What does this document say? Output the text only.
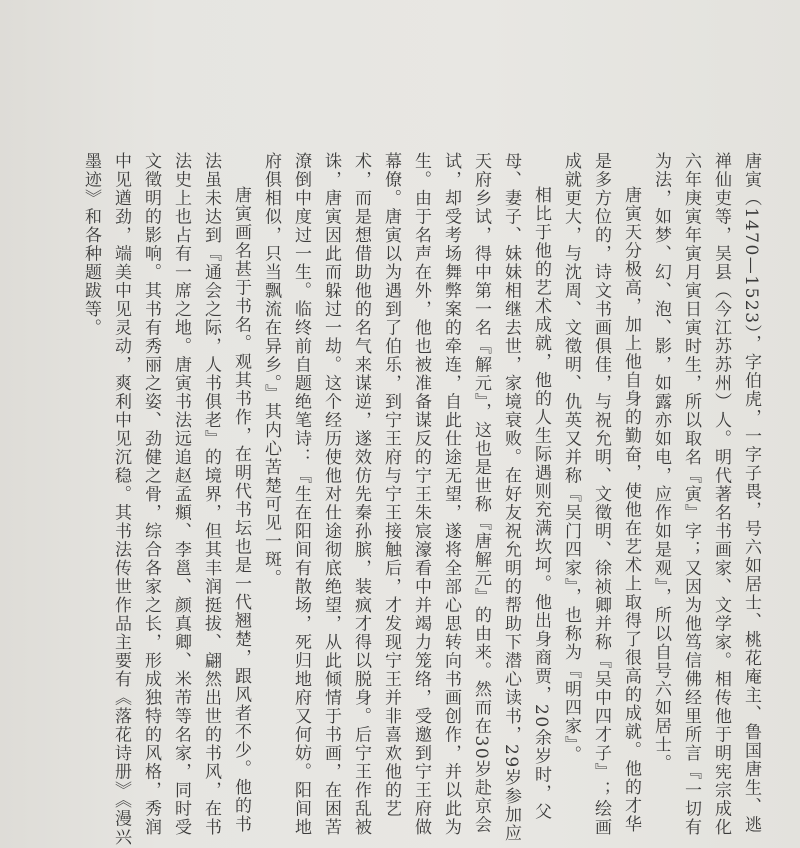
唐寅（1470—1523），字伯虎，一字子畏，号六如居士、桃花庵主、鲁国唐生、逃禅仙吏等，吴县（今江苏苏州）人。明代著名书画家、文学家。相传他于明宪宗成化六年庚寅年寅月寅日寅时生，所以取名『寅』字；又因为他笃信佛经里所言『一切有为法，如梦、幻、泡、影，如露亦如电，应作如是观』，所以自号六如居士。

唐寅天分极高，加上他自身的勤奋，使他在艺术上取得了很高的成就。他的才华是多方位的，诗文书画俱佳，与祝允明、文徵明、徐祯卿并称『吴中四才子』；绘画成就更大，与沈周、文徵明、仇英又并称『吴门四家』，也称为『明四家』。

相比于他的艺术成就，他的人生际遇则充满坎坷。他出身商贾，20余岁时，父母、妻子、妹妹相继去世，家境衰败。在好友祝允明的帮助下潜心读书，29岁参加应天府乡试，得中第一名『解元』，这也是世称『唐解元』的由来。然而在30岁赴京会试，却受考场舞弊案的牵连，自此仕途无望，遂将全部心思转向书画创作，并以此为生。由于名声在外，他也被准备谋反的宁王朱宸濠看中并竭力笼络，受邀到宁王府做幕僚。唐寅以为遇到了伯乐，到宁王府与宁王接触后，才发现宁王并非喜欢他的艺术，而是想借助他的名气来谋逆，遂效仿先秦孙膑，装疯才得以脱身。后宁王作乱被诛，唐寅因此而躲过一劫。这个经历使他对仕途彻底绝望，从此倾情于书画，在困苦潦倒中度过一生。临终前自题绝笔诗：『生在阳间有散场，死归地府又何妨。阳间地府俱相似，只当飘流在异乡。』其内心苦楚可见一斑。

唐寅画名甚于书名。观其书作，在明代书坛也是一代翘楚，跟风者不少。他的书法虽未达到『通会之际，人书俱老』的境界，但其丰润挺拔、翩然出世的书风，在书法史上也占有一席之地。唐寅书法远追赵孟頫、李邕、颜真卿、米芾等名家，同时受文徵明的影响。其书有秀丽之姿、劲健之骨，综合各家之长，形成独特的风格，秀润中见遒劲，端美中见灵动，爽利中见沉稳。其书法传世作品主要有《落花诗册》《漫兴墨迹》和各种题跋等。
